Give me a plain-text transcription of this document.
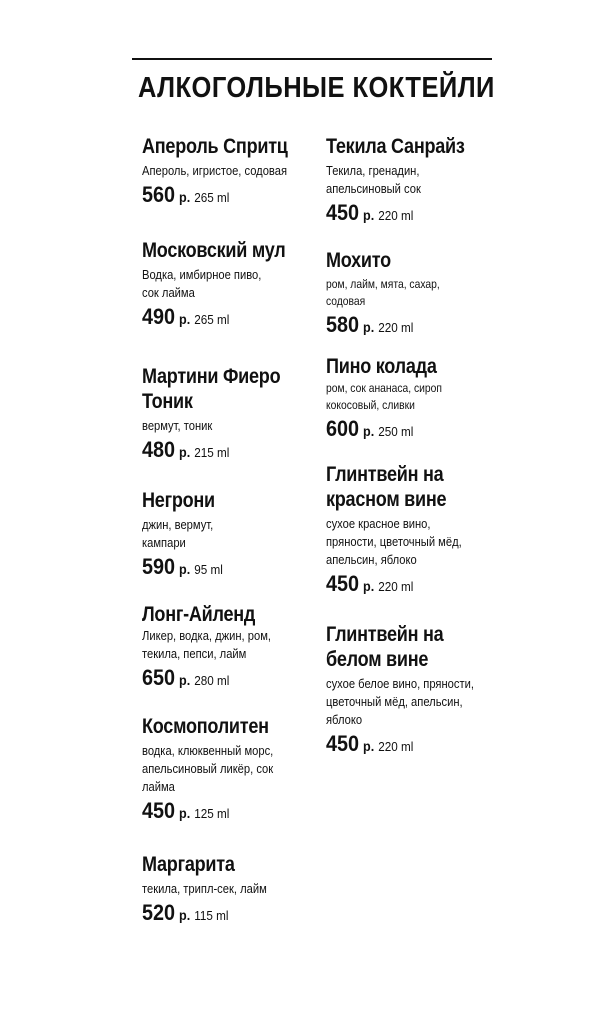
АЛКОГОЛЬНЫЕ КОКТЕЙЛИ
Апероль Спритц
Апероль, игристое, содовая
560 р. 265 ml
Московский мул
Водка, имбирное пиво, сок лайма
490 р. 265 ml
Мартини Фиеро Тоник
вермут, тоник
480 р. 215 ml
Негрони
джин, вермут, кампари
590 р. 95 ml
Лонг-Айленд
Ликер, водка, джин, ром, текила, пепси, лайм
650 р. 280 ml
Космополитен
водка, клюквенный морс, апельсиновый ликёр, сок лайма
450 р. 125 ml
Маргарита
текила, трипл-сек, лайм
520 р. 115 ml
Текила Санрайз
Текила, гренадин, апельсиновый сок
450 р. 220 ml
Мохито
ром, лайм, мята, сахар, содовая
580 р. 220 ml
Пино колада
ром, сок ананаса, сироп кокосовый, сливки
600 р. 250 ml
Глинтвейн на красном вине
сухое красное вино, пряности, цветочный мёд, апельсин, яблоко
450 р. 220 ml
Глинтвейн на белом вине
сухое белое вино, пряности, цветочный мёд, апельсин, яблоко
450 р. 220 ml
